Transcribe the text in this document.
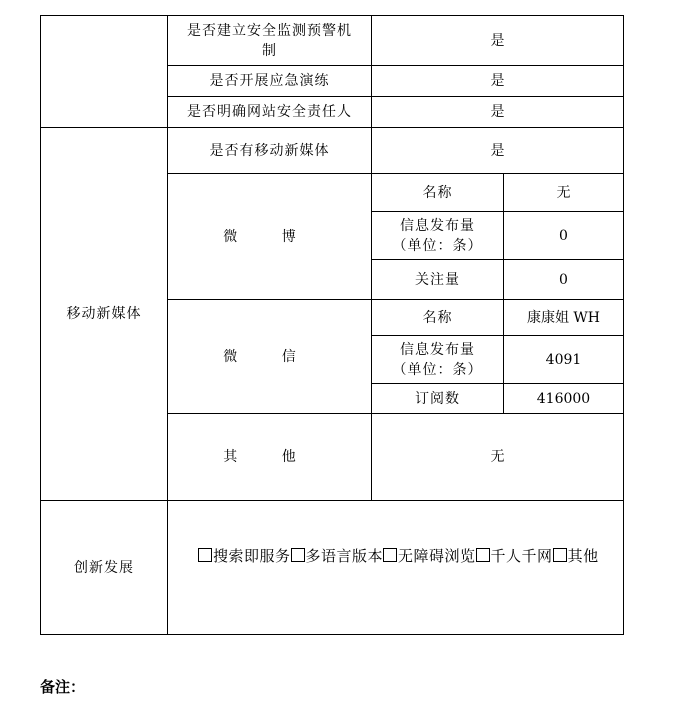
	是否建立安全监测预警机制	是	
	是否开展应急演练	是	
	是否明确网站安全责任人	是	
移动新媒体	是否有移动新媒体	是	
	微 博	名称	无
		信息发布量（单位：条）	0
		关注量	0
	微 信	名称	康康姐 WH
		信息发布量（单位：条）	4091
		订阅数	416000
	其 他	无	
创新发展	搜索即服务 多语言版本 无障碍浏览 千人千网 其他		
备注：
